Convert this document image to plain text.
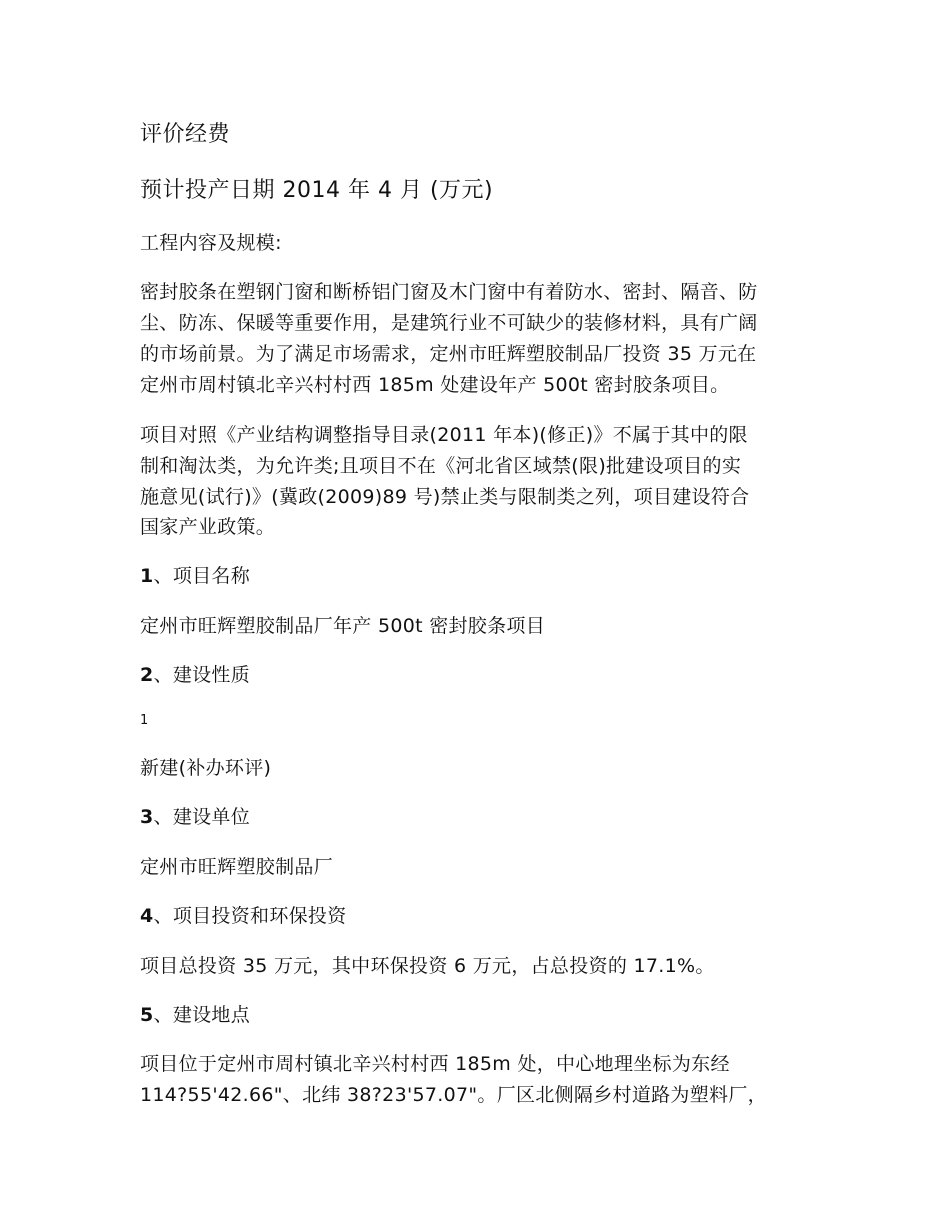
评价经费
预计投产日期 2014 年 4 月 (万元)
工程内容及规模:
密封胶条在塑钢门窗和断桥铝门窗及木门窗中有着防水、密封、隔音、防
尘、防冻、保暖等重要作用，是建筑行业不可缺少的装修材料，具有广阔
的市场前景。为了满足市场需求，定州市旺辉塑胶制品厂投资 35 万元在
定州市周村镇北辛兴村村西 185m 处建设年产 500t 密封胶条项目。
项目对照《产业结构调整指导目录(2011 年本)(修正)》不属于其中的限
制和淘汰类，为允许类;且项目不在《河北省区域禁(限)批建设项目的实
施意见(试行)》(冀政(2009)89 号)禁止类与限制类之列，项目建设符合
国家产业政策。
1、项目名称
定州市旺辉塑胶制品厂年产 500t 密封胶条项目
2、建设性质
1
新建(补办环评)
3、建设单位
定州市旺辉塑胶制品厂
4、项目投资和环保投资
项目总投资 35 万元，其中环保投资 6 万元，占总投资的 17.1%。
5、建设地点
项目位于定州市周村镇北辛兴村村西 185m 处，中心地理坐标为东经
114?55'42.66"、北纬 38?23'57.07"。厂区北侧隔乡村道路为塑料厂，
